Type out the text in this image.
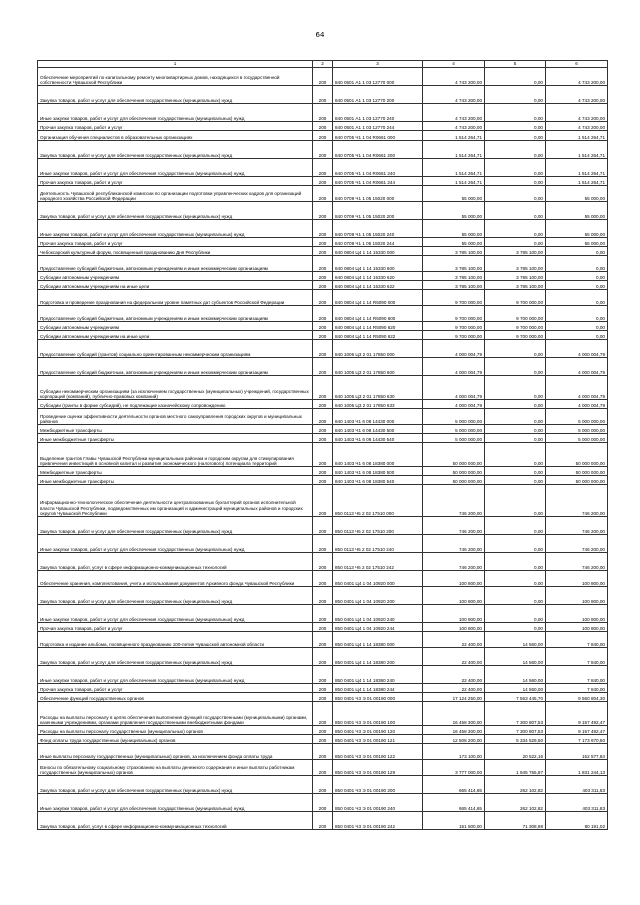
64
1	2	3	4	5	6
Обеспечение мероприятий по капитальному ремонту многоквартирных домов, находящихся в государственной собственности Чувашской Республики	200	840 0501 А1 1 03 12770 000	4 743 200,00	0,00	4 743 200,00
Закупка товаров, работ и услуг для обеспечения государственных (муниципальных) нужд	200	840 0501 А1 1 03 12770 200	4 743 200,00	0,00	4 743 200,00
Иные закупки товаров, работ и услуг для обеспечения государственных (муниципальных) нужд	200	840 0501 А1 1 03 12770 240	4 743 200,00	0,00	4 743 200,00
Прочая закупка товаров, работ и услуг	200	840 0501 А1 1 03 12770 244	4 743 200,00	0,00	4 743 200,00
Организация обучения специалистов в образовательных организациях	200	840 0705 Ч1 1 04 R0661 000	1 514 264,71	0,00	1 514 264,71
Закупка товаров, работ и услуг для обеспечения государственных (муниципальных) нужд	200	840 0705 Ч1 1 04 R0661 200	1 514 264,71	0,00	1 514 264,71
Иные закупки товаров, работ и услуг для обеспечения государственных (муниципальных) нужд	200	840 0705 Ч1 1 04 R0661 240	1 514 264,71	0,00	1 514 264,71
Прочая закупка товаров, работ и услуг	200	840 0705 Ч1 1 04 R0661 244	1 514 264,71	0,00	1 514 264,71
Деятельность Чувашской республиканской комиссии по организации подготовки управленческих кадров для организаций народного хозяйства Российской Федерации	200	840 0709 Ч1 1 05 15020 000	55 000,00	0,00	55 000,00
Закупка товаров, работ и услуг для обеспечения государственных (муниципальных) нужд	200	840 0709 Ч1 1 05 15020 200	55 000,00	0,00	55 000,00
Иные закупки товаров, работ и услуг для обеспечения государственных (муниципальных) нужд	200	840 0709 Ч1 1 05 15020 240	55 000,00	0,00	55 000,00
Прочая закупка товаров, работ и услуг	200	840 0709 Ч1 1 05 15020 244	55 000,00	0,00	55 000,00
Чебоксарский культурный форум, посвященный празднованию Дня Республики	200	840 0804 Ц4 1 14 15330 000	3 785 100,00	3 785 100,00	0,00
Предоставление субсидий бюджетным, автономным учреждениям и иным некоммерческим организациям	200	840 0804 Ц4 1 14 15330 600	3 785 100,00	3 785 100,00	0,00
Субсидии автономным учреждениям	200	840 0804 Ц4 1 14 15330 620	3 785 100,00	3 785 100,00	0,00
Субсидии автономным учреждениям на иные цели	200	840 0804 Ц4 1 14 15330 622	3 785 100,00	3 785 100,00	0,00
Подготовка и проведение празднования на федеральном уровне памятных дат субъектов Российской Федерации	200	840 0804 Ц4 1 14 R5090 000	9 700 000,00	9 700 000,00	0,00
Предоставление субсидий бюджетным, автономным учреждениям и иным некоммерческим организациям	200	840 0804 Ц4 1 14 R5090 600	9 700 000,00	9 700 000,00	0,00
Субсидии автономным учреждениям	200	840 0804 Ц4 1 14 R5090 620	9 700 000,00	9 700 000,00	0,00
Субсидии автономным учреждениям на иные цели	200	840 0804 Ц4 1 14 R5090 622	9 700 000,00	9 700 000,00	0,00
Предоставление субсидий (грантов) социально ориентированным некоммерческим организациям	200	840 1006 Ц3 2 01 17850 000	4 000 004,79	0,00	4 000 004,79
Предоставление субсидий бюджетным, автономным учреждениям и иным некоммерческим организациям	200	840 1006 Ц3 2 01 17850 600	4 000 004,79	0,00	4 000 004,79
Субсидии некоммерческим организациям (за исключением государственных (муниципальных) учреждений, государственных корпораций (компаний), публично-правовых компаний)	200	840 1006 Ц3 2 01 17850 630	4 000 004,79	0,00	4 000 004,79
Субсидии (гранты в форме субсидий), не подлежащие казначейскому сопровождению	200	840 1006 Ц3 2 01 17850 633	4 000 004,79	0,00	4 000 004,79
Проведение оценки эффективности деятельности органов местного самоуправления городских округов и муниципальных районов	200	840 1403 Ч1 6 08 14430 000	5 000 000,00	0,00	5 000 000,00
Межбюджетные трансферты	200	840 1403 Ч1 6 08 14430 500	5 000 000,00	0,00	5 000 000,00
Иные межбюджетные трансферты	200	840 1403 Ч1 6 08 14430 540	5 000 000,00	0,00	5 000 000,00
Выделение грантов Главы Чувашской Республики муниципальным районам и городским округам для стимулирования привлечения инвестиций в основной капитал и развития экономического (налогового) потенциала территорий	200	840 1403 Ч1 6 08 18380 000	50 000 000,00	0,00	50 000 000,00
Межбюджетные трансферты	200	840 1403 Ч1 6 08 18380 500	50 000 000,00	0,00	50 000 000,00
Иные межбюджетные трансферты	200	840 1403 Ч1 6 08 18380 540	50 000 000,00	0,00	50 000 000,00
Информационно-технологическое обеспечение деятельности централизованных бухгалтерий органов исполнительной власти Чувашской Республики, подведомственных им организаций и администраций муниципальных районов и городских округов Чувашской Республики	200	850 0113 Ч5 2 02 17510 000	746 200,00	0,00	746 200,00
Закупка товаров, работ и услуг для обеспечения государственных (муниципальных) нужд	200	850 0113 Ч5 2 02 17510 200	746 200,00	0,00	746 200,00
Иные закупки товаров, работ и услуг для обеспечения государственных (муниципальных) нужд	200	850 0113 Ч5 2 02 17510 240	746 200,00	0,00	746 200,00
Закупка товаров, работ, услуг в сфере информационно-коммуникационных технологий	200	850 0113 Ч5 2 02 17510 242	746 200,00	0,00	746 200,00
Обеспечение хранения, комплектования, учета и использования документов Архивного фонда Чувашской Республики	200	850 0401 Ц4 1 04 10920 000	100 800,00	0,00	100 800,00
Закупка товаров, работ и услуг для обеспечения государственных (муниципальных) нужд	200	850 0401 Ц4 1 04 10920 200	100 800,00	0,00	100 800,00
Иные закупки товаров, работ и услуг для обеспечения государственных (муниципальных) нужд	200	850 0401 Ц4 1 04 10920 240	100 800,00	0,00	100 800,00
Прочая закупка товаров, работ и услуг	200	850 0401 Ц4 1 04 10920 244	100 800,00	0,00	100 800,00
Подготовка и издание альбома, посвященного празднованию 100-летия Чувашской автономной области	200	850 0401 Ц4 1 14 18380 000	22 400,00	14 560,00	7 840,00
Закупка товаров, работ и услуг для обеспечения государственных (муниципальных) нужд	200	850 0401 Ц4 1 14 18380 200	22 400,00	14 560,00	7 840,00
Иные закупки товаров, работ и услуг для обеспечения государственных (муниципальных) нужд	200	850 0401 Ц4 1 14 18380 240	22 400,00	14 560,00	7 840,00
Прочая закупка товаров, работ и услуг	200	850 0401 Ц4 1 14 18380 244	22 400,00	14 560,00	7 840,00
Обеспечение функций государственных органов	200	850 0401 Ч3 Э 01 00190 000	17 124 250,00	7 563 445,70	9 560 804,30
Расходы на выплаты персоналу в целях обеспечения выполнения функций государственными (муниципальными) органами, казенными учреждениями, органами управления государственными внебюджетными фондами	200	850 0401 Ч3 Э 01 00190 100	16 458 300,00	7 300 807,53	9 157 492,47
Расходы на выплаты персоналу государственных (муниципальных) органов	200	850 0401 Ч3 Э 01 00190 120	16 458 300,00	7 300 807,53	9 157 492,47
Фонд оплаты труда государственных (муниципальных) органов	200	850 0401 Ч3 Э 01 00190 121	12 508 200,00	5 334 529,50	7 173 670,50
Иные выплаты персоналу государственных (муниципальных) органов, за исключением фонда оплаты труда	200	850 0401 Ч3 Э 01 00190 122	173 100,00	20 522,16	152 577,84
Взносы по обязательному социальному страхованию на выплаты денежного содержания и иные выплаты работникам государственных (муниципальных) органов	200	850 0401 Ч3 Э 01 00190 129	3 777 000,00	1 945 755,87	1 831 244,13
Закупка товаров, работ и услуг для обеспечения государственных (муниципальных) нужд	200	850 0401 Ч3 Э 01 00190 200	665 414,65	262 102,82	403 311,83
Иные закупки товаров, работ и услуг для обеспечения государственных (муниципальных) нужд	200	850 0401 Ч3 Э 01 00190 240	665 414,65	262 102,82	403 311,83
Закупка товаров, работ, услуг в сфере информационно-коммуникационных технологий	200	850 0401 Ч3 Э 01 00190 242	151 500,00	71 308,98	80 191,02
